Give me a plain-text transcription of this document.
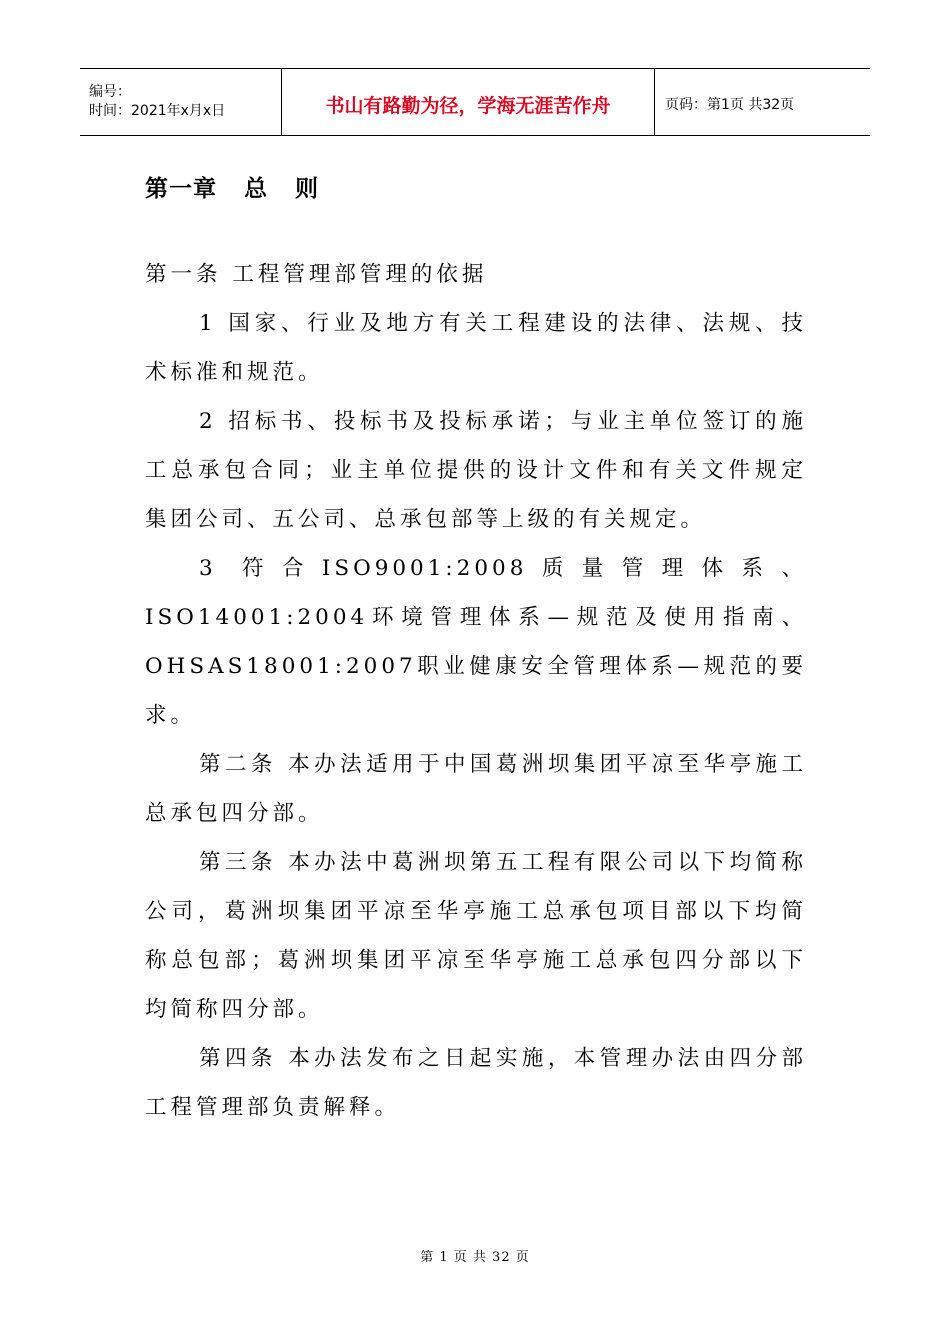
编号：
时间：2021年x月x日	书山有路勤为径，学海无涯苦作舟	页码：第1页 共32页
第一章   总   则

第一条 工程管理部管理的依据

1 国家、行业及地方有关工程建设的法律、法规、技术标准和规范。

2 招标书、投标书及投标承诺；与业主单位签订的施工总承包合同；业主单位提供的设计文件和有关文件规定集团公司、五公司、总承包部等上级的有关规定。

3 符合ISO9001:2008质量管理体系、ISO14001:2004环境管理体系—规范及使用指南、OHSAS18001:2007职业健康安全管理体系—规范的要求。

第二条 本办法适用于中国葛洲坝集团平凉至华亭施工总承包四分部。

第三条 本办法中葛洲坝第五工程有限公司以下均简称公司，葛洲坝集团平凉至华亭施工总承包项目部以下均简称总包部；葛洲坝集团平凉至华亭施工总承包四分部以下均简称四分部。

第四条 本办法发布之日起实施，本管理办法由四分部工程管理部负责解释。

第 1 页 共 32 页
